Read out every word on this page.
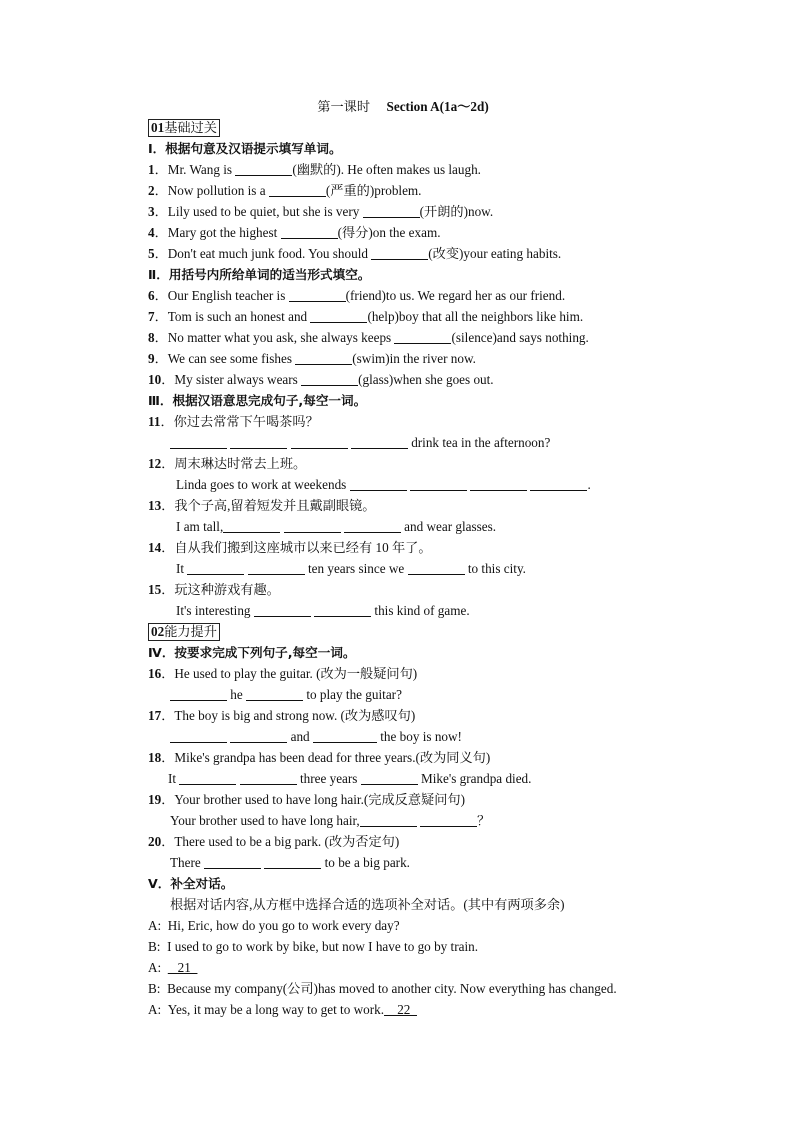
第一课时 Section A(1a～2d)
01基础过关
Ⅰ．根据句意及汉语提示填写单词。
1．Mr. Wang is	(幽默的). He often makes us laugh.
2．Now pollution is a	(严重的)problem.
3．Lily used to be quiet, but she is very	(开朗的)now.
4．Mary got the highest	(得分)on the exam.
5．Don't eat much junk food. You should	(改变)your eating habits.
Ⅱ．用括号内所给单词的适当形式填空。
6．Our English teacher is	(friend)to us. We regard her as our friend.
7．Tom is such an honest and	(help)boy that all the neighbors like him.
8．No matter what you ask, she always keeps	(silence)and says nothing.
9．We can see some fishes	(swim)in the river now.
10．My sister always wears	(glass)when she goes out.
Ⅲ．根据汉语意思完成句子,每空一词。
11．你过去常常下午喝茶吗？
drink tea in the afternoon?
12．周末琳达时常去上班。
Linda goes to work at weekends	.
13．我个子高,留着短发并且戴副眼镜。
I am tall,	and wear glasses.
14．自从我们搬到这座城市以来已经有 10 年了。
It	ten years since we	to this city.
15．玩这种游戏有趣。
It's interesting	this kind of game.
02能力提升
Ⅳ．按要求完成下列句子,每空一词。
16．He used to play the guitar. (改为一般疑问句)
he	to play the guitar?
17．The boy is big and strong now. (改为感叹句)
and	the boy is now!
18．Mike's grandpa has been dead for three years.(改为同义句)
It	three years	Mike's grandpa died.
19．Your brother used to have long hair.(完成反意疑问句)
Your brother used to have long hair,	？
20．There used to be a big park. (改为否定句)
There	to be a big park.
Ⅴ．补全对话。
根据对话内容,从方框中选择合适的选项补全对话。(其中有两项多余)
A: Hi, Eric, how do you go to work every day?
B: I used to go to work by bike, but now I have to go by train.
A:     21
B: Because my company(公司)has moved to another city. Now everything has changed.
A: Yes, it may be a long way to get to work.    22
